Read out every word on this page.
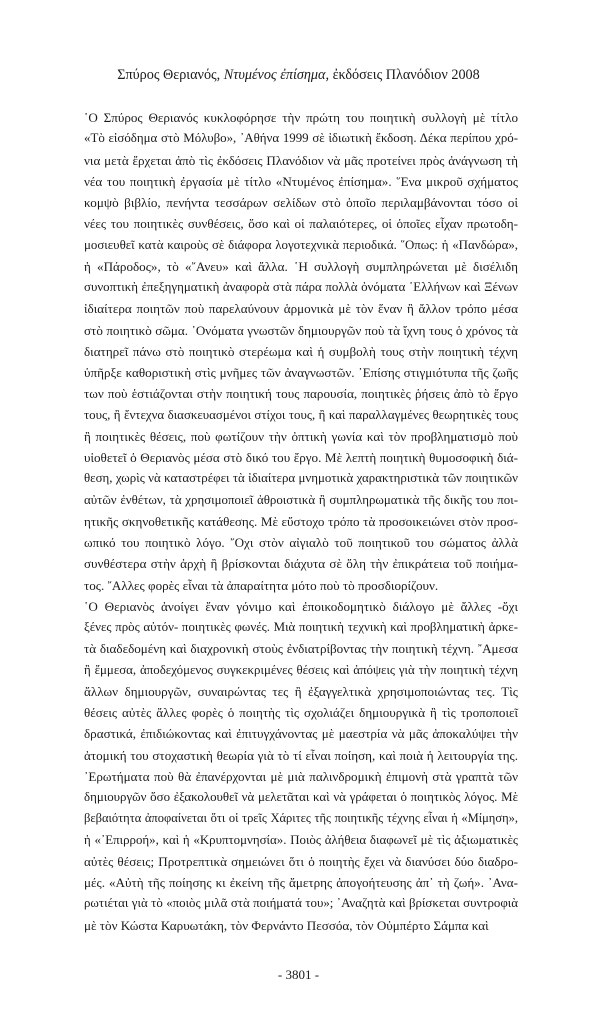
Σπύρος Θεριανός, Ντυμένος ἐπίσημα, ἐκδόσεις Πλανόδιον 2008

῾Ο Σπύρος Θεριανός κυκλοφόρησε τὴν πρώτη του ποιητικὴ συλλογὴ μὲ τίτλο
«Τὸ εἰσόδημα στὸ Μόλυβο», ᾿Αθήνα 1999 σὲ ἰδιωτικὴ ἔκδοση. Δέκα περίπου χρό-
νια μετὰ ἔρχεται ἀπὸ τὶς ἐκδόσεις Πλανόδιον νὰ μᾶς προτείνει πρὸς ἀνάγνωση τὴ
νέα του ποιητικὴ ἐργασία μὲ τίτλο «Ντυμένος ἐπίσημα». ῞Ενα μικροῦ σχήματος
κομψὸ βιβλίο, πενήντα τεσσάρων σελίδων στὸ ὁποῖο περιλαμβάνονται τόσο οἱ
νέες του ποιητικὲς συνθέσεις, ὅσο καὶ οἱ παλαιότερες, οἱ ὁποῖες εἶχαν πρωτοδη-
μοσιευθεῖ κατὰ καιροὺς σὲ διάφορα λογοτεχνικὰ περιοδικά. ῞Οπως: ἡ «Πανδώρα»,
ἡ «Πάροδος», τὸ «῎Ανευ» καὶ ἄλλα. ῾Η συλλογὴ συμπληρώνεται μὲ δισέλιδη
συνοπτικὴ ἐπεξηγηματικὴ ἀναφορὰ στὰ πάρα πολλὰ ὀνόματα ῾Ελλήνων καὶ Ξένων
ἰδιαίτερα ποιητῶν ποὺ παρελαύνουν ἁρμονικὰ μὲ τὸν ἕναν ἢ ἄλλον τρόπο μέσα
στὸ ποιητικὸ σῶμα. ᾿Ονόματα γνωστῶν δημιουργῶν ποὺ τὰ ἴχνη τους ὁ χρόνος τὰ
διατηρεῖ πάνω στὸ ποιητικὸ στερέωμα καὶ ἡ συμβολὴ τους στὴν ποιητικὴ τέχνη
ὑπῆρξε καθοριστικὴ στὶς μνῆμες τῶν ἀναγνωστῶν. ᾿Επίσης στιγμιότυπα τῆς ζωῆς
των ποὺ ἑστιάζονται στὴν ποιητική τους παρουσία, ποιητικὲς ῥήσεις ἀπὸ τὸ ἔργο
τους, ἢ ἔντεχνα διασκευασμένοι στίχοι τους, ἢ καὶ παραλλαγμένες θεωρητικὲς τους
ἢ ποιητικὲς θέσεις, ποὺ φωτίζουν τὴν ὀπτικὴ γωνία καὶ τὸν προβληματισμὸ ποὺ
υἱοθετεῖ ὁ Θεριανὸς μέσα στὸ δικό του ἔργο. Μὲ λεπτὴ ποιητικὴ θυμοσοφικὴ διά-
θεση, χωρὶς νὰ καταστρέφει τὰ ἰδιαίτερα μνημοτικὰ χαρακτηριστικὰ τῶν ποιητικῶν
αὐτῶν ἐνθέτων, τὰ χρησιμοποιεῖ ἀθροιστικὰ ἢ συμπληρωματικὰ τῆς δικῆς του ποι-
ητικῆς σκηνοθετικῆς κατάθεσης. Μὲ εὔστοχο τρόπο τὰ προσοικειώνει στὸν προσ-
ωπικό του ποιητικὸ λόγο. ῎Οχι στὸν αἰγιαλὸ τοῦ ποιητικοῦ του σώματος ἀλλὰ
συνθέστερα στὴν ἀρχὴ ἢ βρίσκονται διάχυτα σὲ ὅλη τὴν ἐπικράτεια τοῦ ποιήμα-
τος. ῎Αλλες φορὲς εἶναι τὰ ἀπαραίτητα μότο ποὺ τὸ προσδιορίζουν.

῾Ο Θεριανὸς ἀνοίγει ἕναν γόνιμο καὶ ἐποικοδομητικὸ διάλογο μὲ ἄλλες -ὄχι
ξένες πρὸς αὐτόν- ποιητικὲς φωνές. Μιὰ ποιητικὴ τεχνικὴ καὶ προβληματικὴ ἀρκε-
τὰ διαδεδομένη καὶ διαχρονικὴ στοὺς ἐνδιατρίβοντας τὴν ποιητικὴ τέχνη. ῎Αμεσα
ἢ ἔμμεσα, ἀποδεχόμενος συγκεκριμένες θέσεις καὶ ἀπόψεις γιὰ τὴν ποιητικὴ τέχνη
ἄλλων δημιουργῶν, συναιρώντας τες ἢ ἐξαγγελτικὰ χρησιμοποιώντας τες. Τὶς
θέσεις αὐτὲς ἄλλες φορὲς ὁ ποιητὴς τὶς σχολιάζει δημιουργικὰ ἢ τὶς τροποποιεῖ
δραστικά, ἐπιδιώκοντας καὶ ἐπιτυγχάνοντας μὲ μαεστρία νὰ μᾶς ἀποκαλύψει τὴν
ἀτομική του στοχαστικὴ θεωρία γιὰ τὸ τί εἶναι ποίηση, καὶ ποιὰ ἡ λειτουργία της.
᾿Ερωτήματα ποὺ θὰ ἐπανέρχονται μὲ μιὰ παλινδρομικὴ ἐπιμονὴ στὰ γραπτὰ τῶν
δημιουργῶν ὅσο ἐξακολουθεῖ νὰ μελετᾶται καὶ νὰ γράφεται ὁ ποιητικὸς λόγος. Μὲ
βεβαιότητα ἀποφαίνεται ὅτι οἱ τρεῖς Χάριτες τῆς ποιητικῆς τέχνης εἶναι ἡ «Μίμηση»,
ἡ «᾿Επιρροή», καὶ ἡ «Κρυπτομνησία». Ποιὸς ἀλήθεια διαφωνεῖ μὲ τὶς ἀξιωματικὲς
αὐτὲς θέσεις; Προτρεπτικὰ σημειώνει ὅτι ὁ ποιητὴς ἔχει νὰ διανύσει δύο διαδρο-
μές. «Αὐτὴ τῆς ποίησης κι ἐκείνη τῆς ἄμετρης ἀπογοήτευσης ἀπ᾿ τὴ ζωή». ᾿Ανα-
ρωτιέται γιὰ τὸ «ποιὸς μιλᾶ στὰ ποιήματά του»; ᾿Αναζητὰ καὶ βρίσκεται συντροφιὰ
μὲ τὸν Κώστα Καρυωτάκη, τὸν Φερνάντο Πεσσόα, τὸν Οὐμπέρτο Σάμπα καὶ

- 3801 -
